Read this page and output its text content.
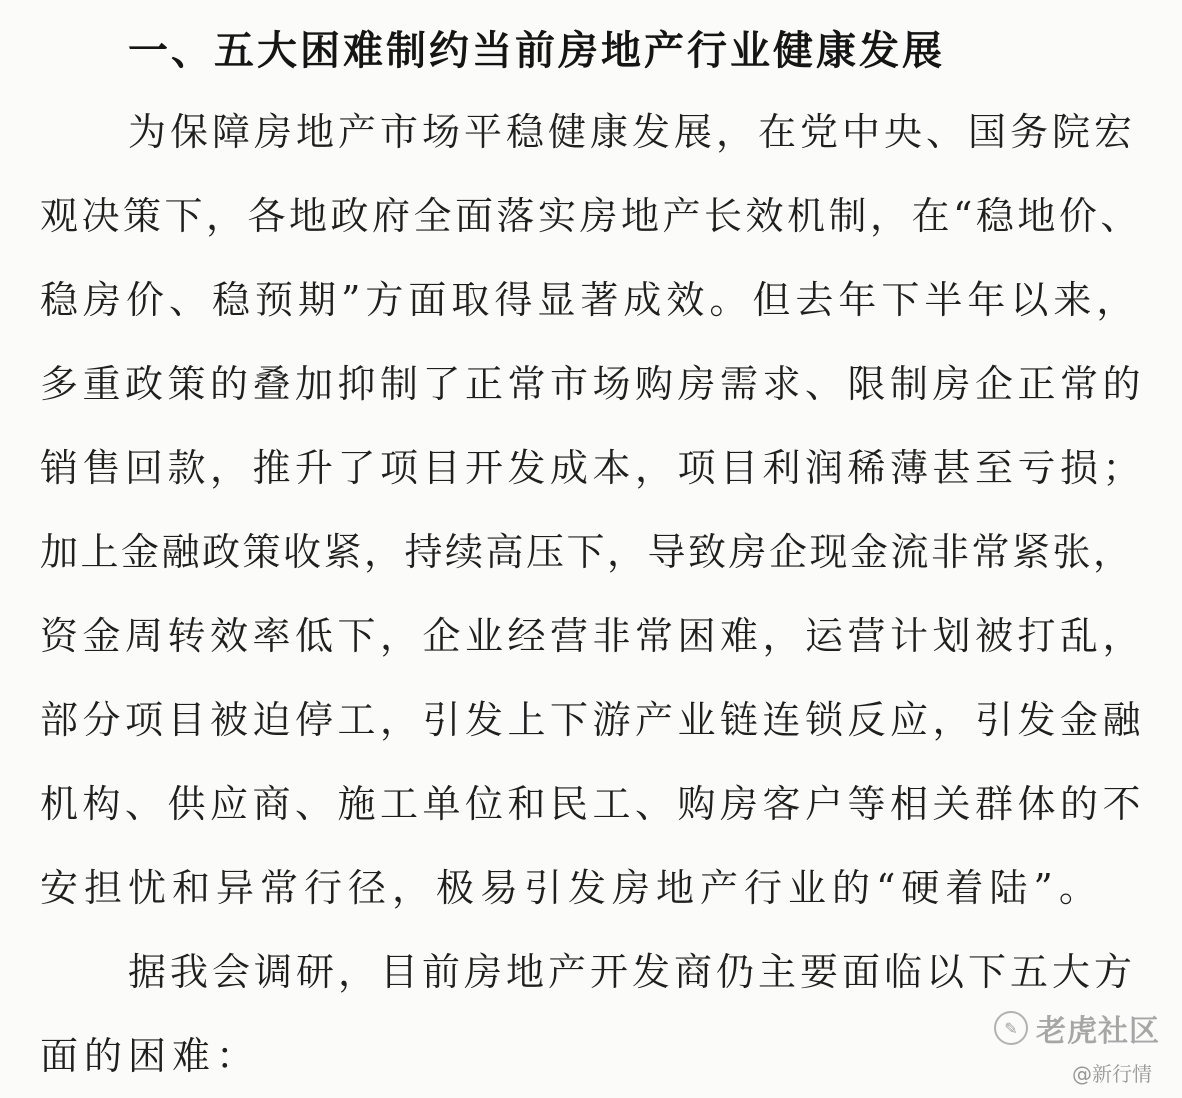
一、五大困难制约当前房地产行业健康发展
为保障房地产市场平稳健康发展，在党中央、国务院宏
观决策下，各地政府全面落实房地产长效机制，在“稳地价、
稳房价、稳预期”方面取得显著成效。但去年下半年以来，
多重政策的叠加抑制了正常市场购房需求、限制房企正常的
销售回款，推升了项目开发成本，项目利润稀薄甚至亏损；
加上金融政策收紧，持续高压下，导致房企现金流非常紧张，
资金周转效率低下，企业经营非常困难，运营计划被打乱，
部分项目被迫停工，引发上下游产业链连锁反应，引发金融
机构、供应商、施工单位和民工、购房客户等相关群体的不
安担忧和异常行径，极易引发房地产行业的“硬着陆”。
据我会调研，目前房地产开发商仍主要面临以下五大方
面的困难：
✎ 老虎社区
@新行情
